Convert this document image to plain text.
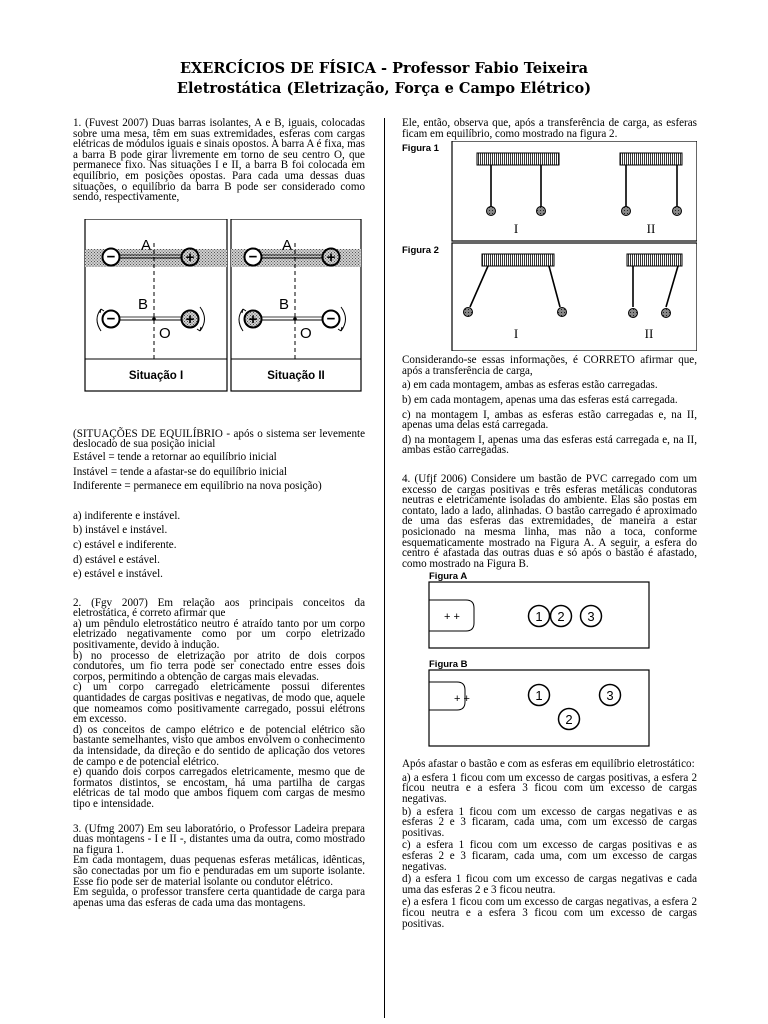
EXERCÍCIOS DE FÍSICA - Professor Fabio Teixeira
Eletrostática (Eletrização, Força e Campo Elétrico)

1. (Fuvest 2007) Duas barras isolantes, A e B, iguais, colocadas sobre uma mesa, têm em suas extremidades, esferas com cargas elétricas de módulos iguais e sinais opostos. A barra A é fixa, mas a barra B pode girar livremente em torno de seu centro O, que permanece fixo. Nas situações I e II, a barra B foi colocada em equilíbrio, em posições opostas. Para cada uma dessas duas situações, o equilíbrio da barra B pode ser considerado como sendo, respectivamente,

−	+
A
−	+
B
O
Situação I
−	+
A
+	−
B
O
Situação II

(SITUAÇÕES DE EQUILÍBRIO - após o sistema ser levemente deslocado de sua posição inicial

Estável = tende a retornar ao equilíbrio inicial

Instável = tende a afastar-se do equilíbrio inicial

Indiferente = permanece em equilíbrio na nova posição)

a) indiferente e instável.

b) instável e instável.

c) estável e indiferente.

d) estável e estável.

e) estável e instável.

2. (Fgv 2007) Em relação aos principais conceitos da eletrostática, é correto afirmar que

a) um pêndulo eletrostático neutro é atraído tanto por um corpo eletrizado negativamente como por um corpo eletrizado positivamente, devido à indução.

b) no processo de eletrização por atrito de dois corpos condutores, um fio terra pode ser conectado entre esses dois corpos, permitindo a obtenção de cargas mais elevadas.

c) um corpo carregado eletricamente possui diferentes quantidades de cargas positivas e negativas, de modo que, aquele que nomeamos como positivamente carregado, possui elétrons em excesso.

d) os conceitos de campo elétrico e de potencial elétrico são bastante semelhantes, visto que ambos envolvem o conhecimento da intensidade, da direção e do sentido de aplicação dos vetores de campo e de potencial elétrico.

e) quando dois corpos carregados eletricamente, mesmo que de formatos distintos, se encostam, há uma partilha de cargas elétricas de tal modo que ambos fiquem com cargas de mesmo tipo e intensidade.

3. (Ufmg 2007) Em seu laboratório, o Professor Ladeira prepara duas montagens - I e II -, distantes uma da outra, como mostrado na figura 1.

Em cada montagem, duas pequenas esferas metálicas, idênticas, são conectadas por um fio e penduradas em um suporte isolante. Esse fio pode ser de material isolante ou condutor elétrico.

Em seguida, o professor transfere certa quantidade de carga para apenas uma das esferas de cada uma das montagens.

Ele, então, observa que, após a transferência de carga, as esferas ficam em equilíbrio, como mostrado na figura 2.

Figura 1
I	II
Figura 2
I	II

Considerando-se essas informações, é CORRETO afirmar que, após a transferência de carga,

a) em cada montagem, ambas as esferas estão carregadas.

b) em cada montagem, apenas uma das esferas está carregada.

c) na montagem I, ambas as esferas estão carregadas e, na II, apenas uma delas está carregada.

d) na montagem I, apenas uma das esferas está carregada e, na II, ambas estão carregadas.

4. (Ufjf 2006) Considere um bastão de PVC carregado com um excesso de cargas positivas e três esferas metálicas condutoras neutras e eletricamente isoladas do ambiente. Elas são postas em contato, lado a lado, alinhadas. O bastão carregado é aproximado de uma das esferas das extremidades, de maneira a estar posicionado na mesma linha, mas não a toca, conforme esquematicamente mostrado na Figura A. A seguir, a esfera do centro é afastada das outras duas e só após o bastão é afastado, como mostrado na Figura B.

Figura A
+ +	1 2 3
Figura B
+ +	1
2
3

Após afastar o bastão e com as esferas em equilíbrio eletrostático:

a) a esfera 1 ficou com um excesso de cargas positivas, a esfera 2 ficou neutra e a esfera 3 ficou com um excesso de cargas negativas.

b) a esfera 1 ficou com um excesso de cargas negativas e as esferas 2 e 3 ficaram, cada uma, com um excesso de cargas positivas.

c) a esfera 1 ficou com um excesso de cargas positivas e as esferas 2 e 3 ficaram, cada uma, com um excesso de cargas negativas.

d) a esfera 1 ficou com um excesso de cargas negativas e cada uma das esferas 2 e 3 ficou neutra.

e) a esfera 1 ficou com um excesso de cargas negativas, a esfera 2 ficou neutra e a esfera 3 ficou com um excesso de cargas positivas.
